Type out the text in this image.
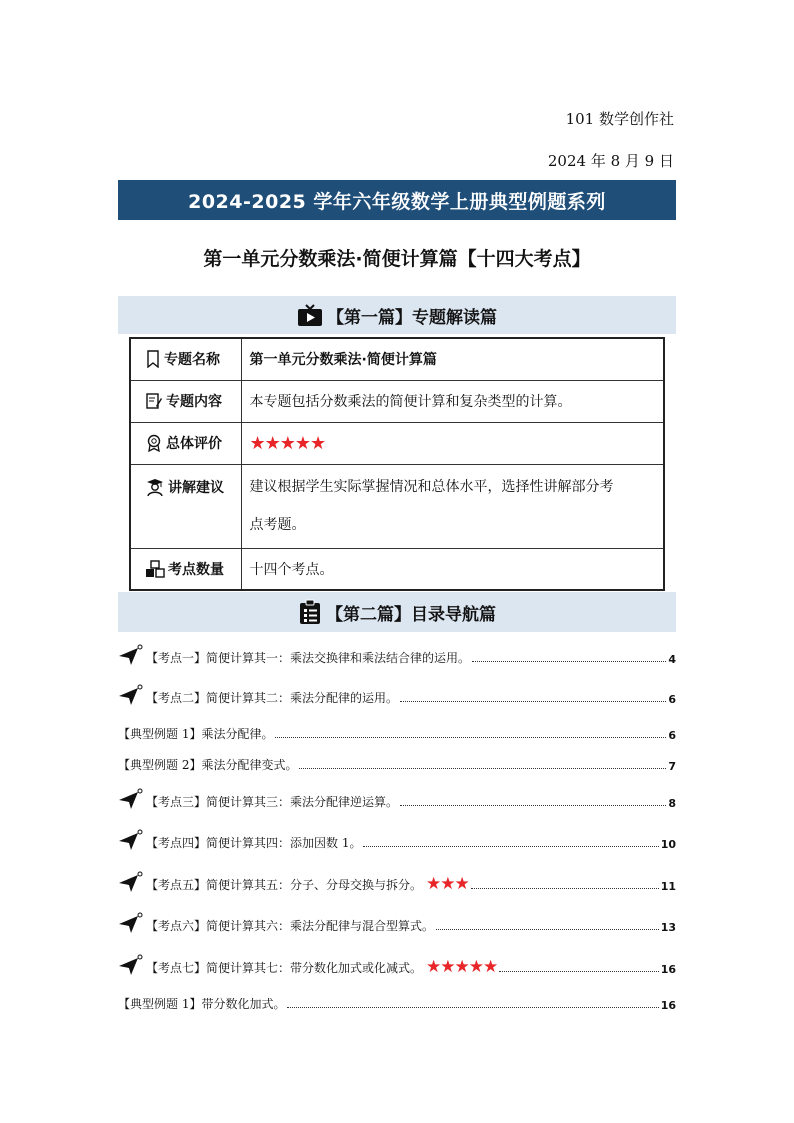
101 数学创作社
2024 年 8 月 9 日
2024-2025 学年六年级数学上册典型例题系列
第一单元分数乘法·简便计算篇【十四大考点】
【第一篇】专题解读篇
专题名称	第一单元分数乘法·简便计算篇

专题内容	本专题包括分数乘法的简便计算和复杂类型的计算。

总体评价	★★★★★

讲解建议	建议根据学生实际掌握情况和总体水平，选择性讲解部分考
点考题。

考点数量	十四个考点。
【第二篇】目录导航篇
【考点一】简便计算其一：乘法交换律和乘法结合律的运用。	4
【考点二】简便计算其二：乘法分配律的运用。	6
【典型例题 1】乘法分配律。	6
【典型例题 2】乘法分配律变式。	7
【考点三】简便计算其三：乘法分配律逆运算。	8
【考点四】简便计算其四：添加因数 1。	10
【考点五】简便计算其五：分子、分母交换与拆分。 ★★★	11
【考点六】简便计算其六：乘法分配律与混合型算式。	13
【考点七】简便计算其七：带分数化加式或化减式。 ★★★★★	16
【典型例题 1】带分数化加式。	16
